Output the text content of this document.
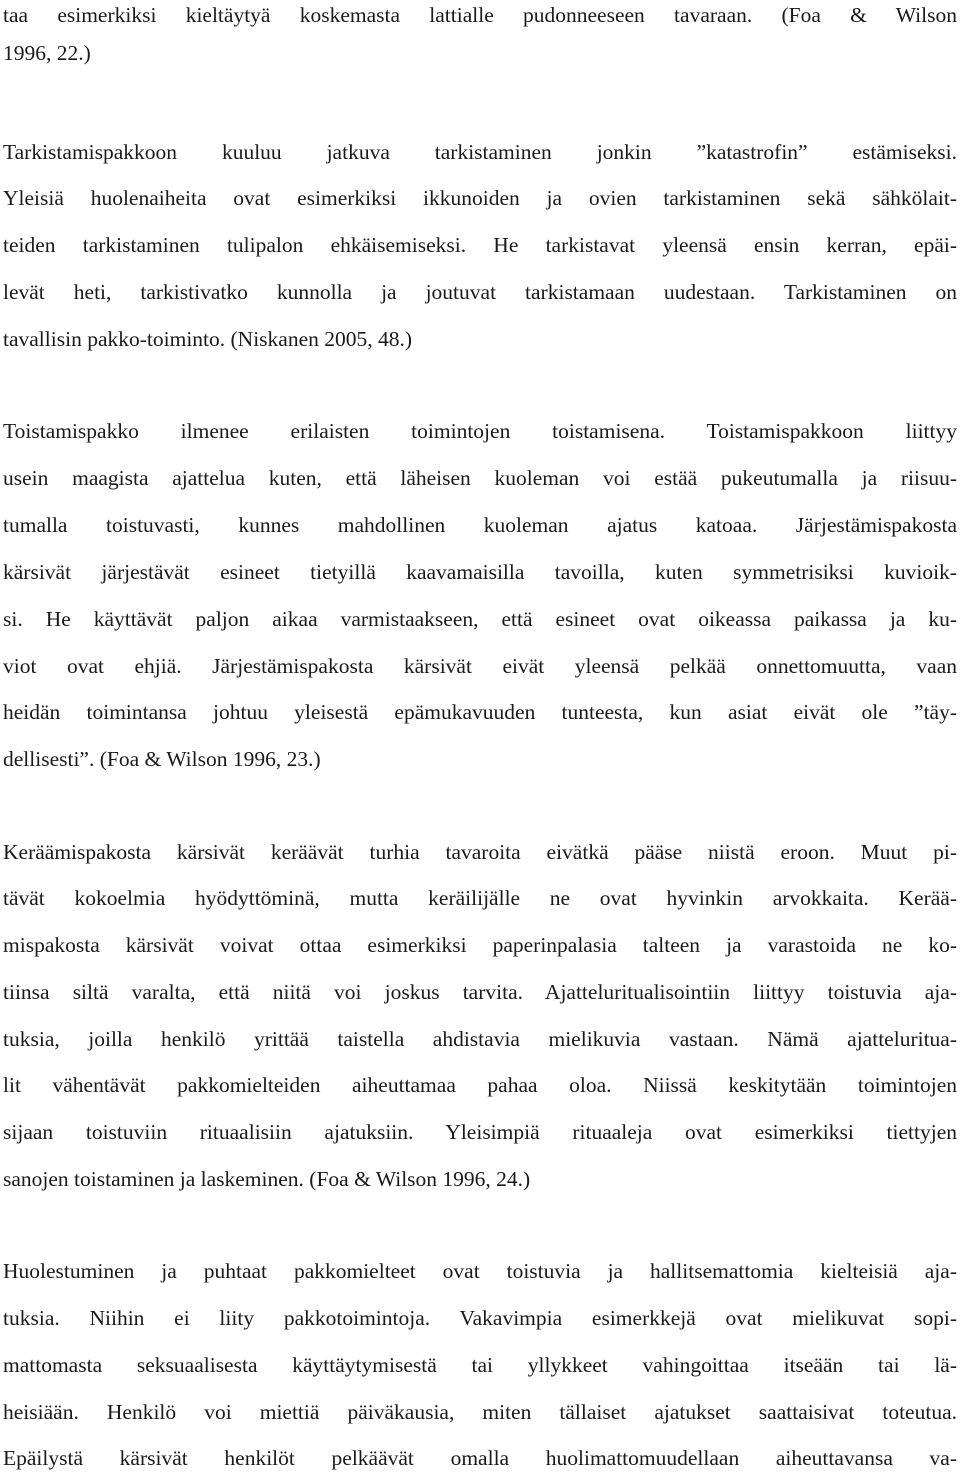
taa esimerkiksi kieltäytyä koskemasta lattialle pudonneeseen tavaraan. (Foa & Wilson
1996, 22.)
Tarkistamispakkoon kuuluu jatkuva tarkistaminen jonkin ”katastrofin” estämiseksi.
Yleisiä huolenaiheita ovat esimerkiksi ikkunoiden ja ovien tarkistaminen sekä sähkölait-
teiden tarkistaminen tulipalon ehkäisemiseksi. He tarkistavat yleensä ensin kerran, epäi-
levät heti, tarkistivatko kunnolla ja joutuvat tarkistamaan uudestaan. Tarkistaminen on
tavallisin pakko-toiminto. (Niskanen 2005, 48.)
Toistamispakko ilmenee erilaisten toimintojen toistamisena. Toistamispakkoon liittyy
usein maagista ajattelua kuten, että läheisen kuoleman voi estää pukeutumalla ja riisuu-
tumalla toistuvasti, kunnes mahdollinen kuoleman ajatus katoaa. Järjestämispakosta
kärsivät järjestävät esineet tietyillä kaavamaisilla tavoilla, kuten symmetrisiksi kuvioik-
si. He käyttävät paljon aikaa varmistaakseen, että esineet ovat oikeassa paikassa ja ku-
viot ovat ehjiä. Järjestämispakosta kärsivät eivät yleensä pelkää onnettomuutta, vaan
heidän toimintansa johtuu yleisestä epämukavuuden tunteesta, kun asiat eivät ole ”täy-
dellisesti”. (Foa & Wilson 1996, 23.)
Keräämispakosta kärsivät keräävät turhia tavaroita eivätkä pääse niistä eroon. Muut pi-
tävät kokoelmia hyödyttöminä, mutta keräilijälle ne ovat hyvinkin arvokkaita. Kerää-
mispakosta kärsivät voivat ottaa esimerkiksi paperinpalasia talteen ja varastoida ne ko-
tiinsa siltä varalta, että niitä voi joskus tarvita. Ajatteluritualisointiin liittyy toistuvia aja-
tuksia, joilla henkilö yrittää taistella ahdistavia mielikuvia vastaan. Nämä ajatteluritua-
lit vähentävät pakkomielteiden aiheuttamaa pahaa oloa. Niissä keskitytään toimintojen
sijaan toistuviin rituaalisiin ajatuksiin. Yleisimpiä rituaaleja ovat esimerkiksi tiettyjen
sanojen toistaminen ja laskeminen. (Foa & Wilson 1996, 24.)
Huolestuminen ja puhtaat pakkomielteet ovat toistuvia ja hallitsemattomia kielteisiä aja-
tuksia. Niihin ei liity pakkotoimintoja. Vakavimpia esimerkkejä ovat mielikuvat sopi-
mattomasta seksuaalisesta käyttäytymisestä tai yllykkeet vahingoittaa itseään tai lä-
heisiään. Henkilö voi miettiä päiväkausia, miten tällaiset ajatukset saattaisivat toteutua.
Epäilystä kärsivät henkilöt pelkäävät omalla huolimattomuudellaan aiheuttavansa va-
